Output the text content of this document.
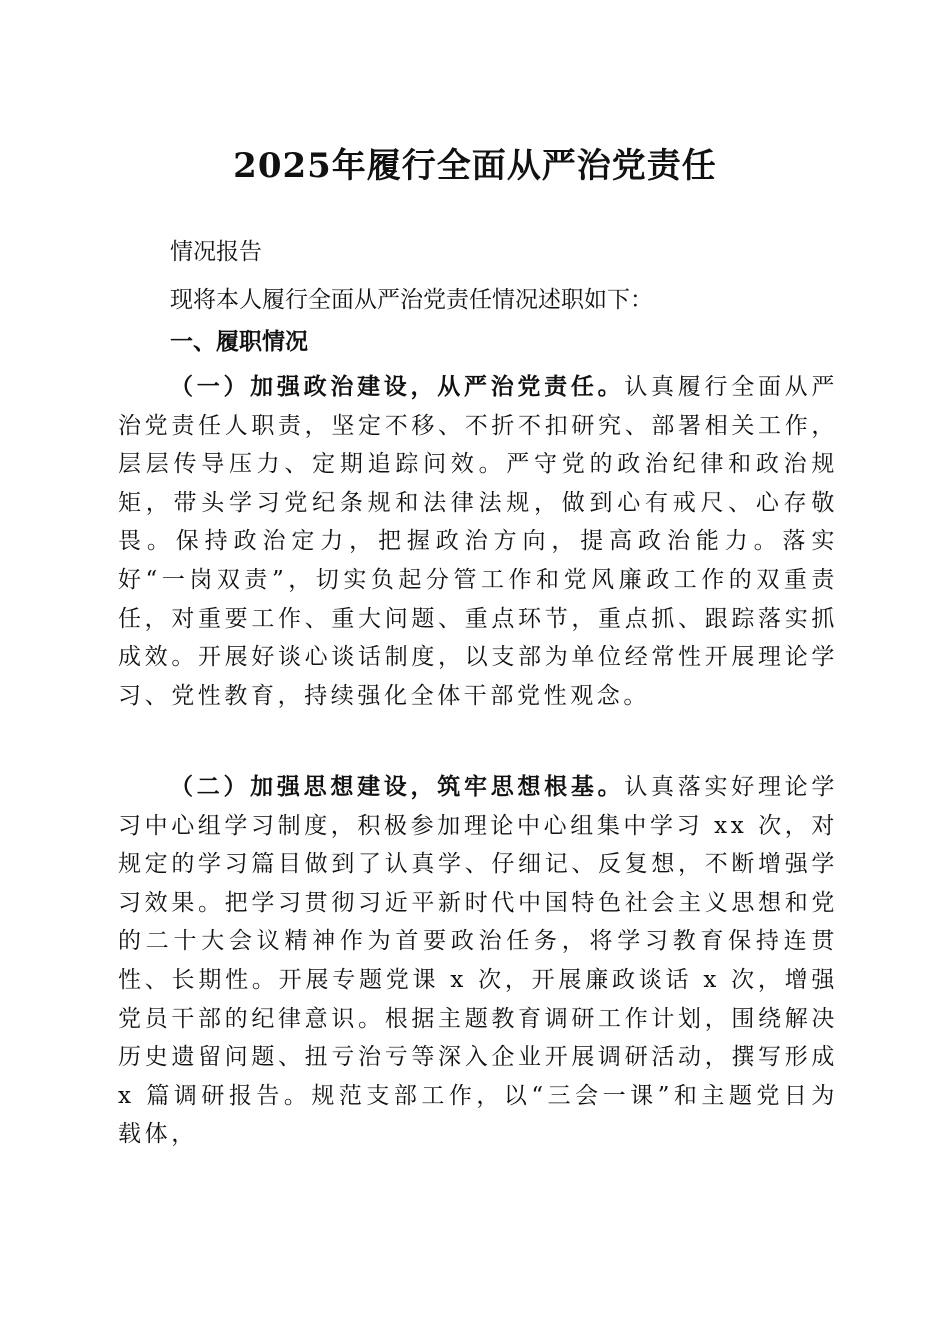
2025年履行全面从严治党责任

情况报告

现将本人履行全面从严治党责任情况述职如下：

一、履职情况

（一）加强政治建设，从严治党责任。认真履行全面从严治党责任人职责，坚定不移、不折不扣研究、部署相关工作，层层传导压力、定期追踪问效。严守党的政治纪律和政治规矩，带头学习党纪条规和法律法规，做到心有戒尺、心存敬畏。保持政治定力，把握政治方向，提高政治能力。落实好“一岗双责”，切实负起分管工作和党风廉政工作的双重责任，对重要工作、重大问题、重点环节，重点抓、跟踪落实抓成效。开展好谈心谈话制度，以支部为单位经常性开展理论学习、党性教育，持续强化全体干部党性观念。

（二）加强思想建设，筑牢思想根基。认真落实好理论学习中心组学习制度，积极参加理论中心组集中学习 xx 次，对规定的学习篇目做到了认真学、仔细记、反复想，不断增强学习效果。把学习贯彻习近平新时代中国特色社会主义思想和党的二十大会议精神作为首要政治任务，将学习教育保持连贯性、长期性。开展专题党课 x 次，开展廉政谈话 x 次，增强党员干部的纪律意识。根据主题教育调研工作计划，围绕解决历史遗留问题、扭亏治亏等深入企业开展调研活动，撰写形成 x 篇调研报告。规范支部工作，以“三会一课”和主题党日为载体，
